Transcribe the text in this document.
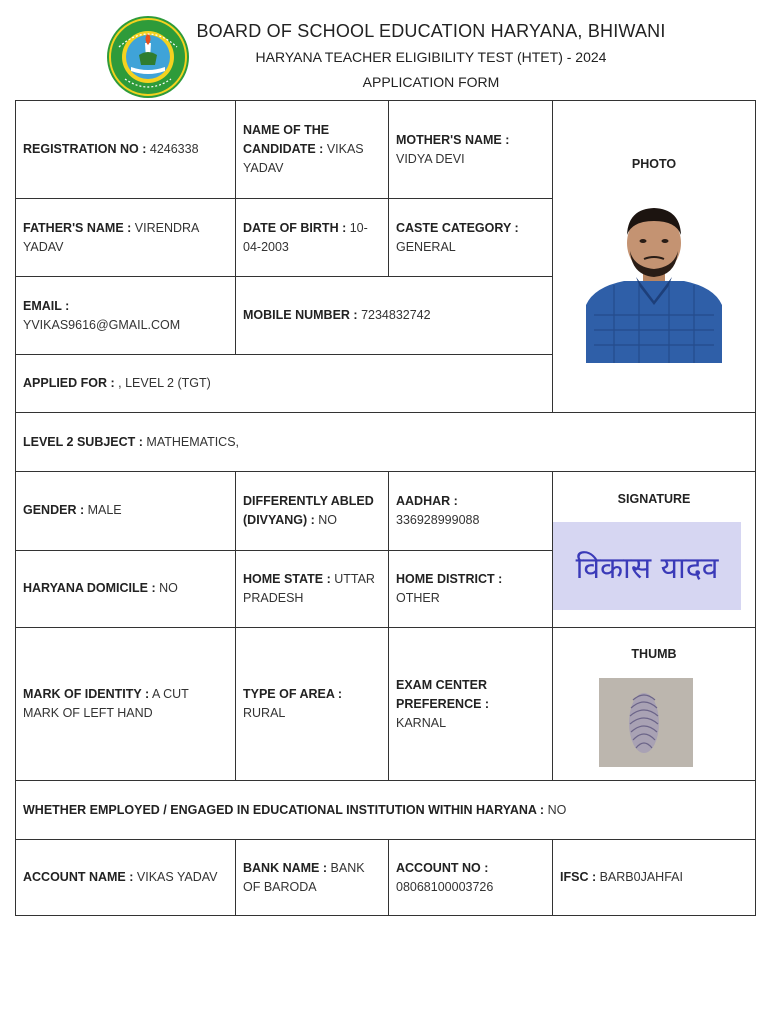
BOARD OF SCHOOL EDUCATION HARYANA, BHIWANI
HARYANA TEACHER ELIGIBILITY TEST (HTET) - 2024
APPLICATION FORM
REGISTRATION NO : 4246338	NAME OF THE CANDIDATE : VIKAS YADAV	MOTHER'S NAME :
VIDYA DEVI	PHOTO

FATHER'S NAME : VIRENDRA YADAV	DATE OF BIRTH : 10-04-2003	CASTE CATEGORY :
GENERAL	
EMAIL :
YVIKAS9616@GMAIL.COM	MOBILE NUMBER : 7234832742		
APPLIED FOR : , LEVEL 2 (TGT)			
LEVEL 2 SUBJECT : MATHEMATICS,			
GENDER : MALE	DIFFERENTLY ABLED (DIVYANG) : NO	AADHAR :
336928999088	SIGNATURE
विकास यादव

HARYANA DOMICILE : NO	HOME STATE : UTTAR PRADESH	HOME DISTRICT :
OTHER	
MARK OF IDENTITY : A CUT MARK OF LEFT HAND	TYPE OF AREA :
RURAL	EXAM CENTER PREFERENCE :
KARNAL	THUMB

WHETHER EMPLOYED / ENGAGED IN EDUCATIONAL INSTITUTION WITHIN HARYANA : NO			
ACCOUNT NAME : VIKAS YADAV	BANK NAME : BANK OF BARODA	ACCOUNT NO :
08068100003726	IFSC : BARB0JAHFAI
